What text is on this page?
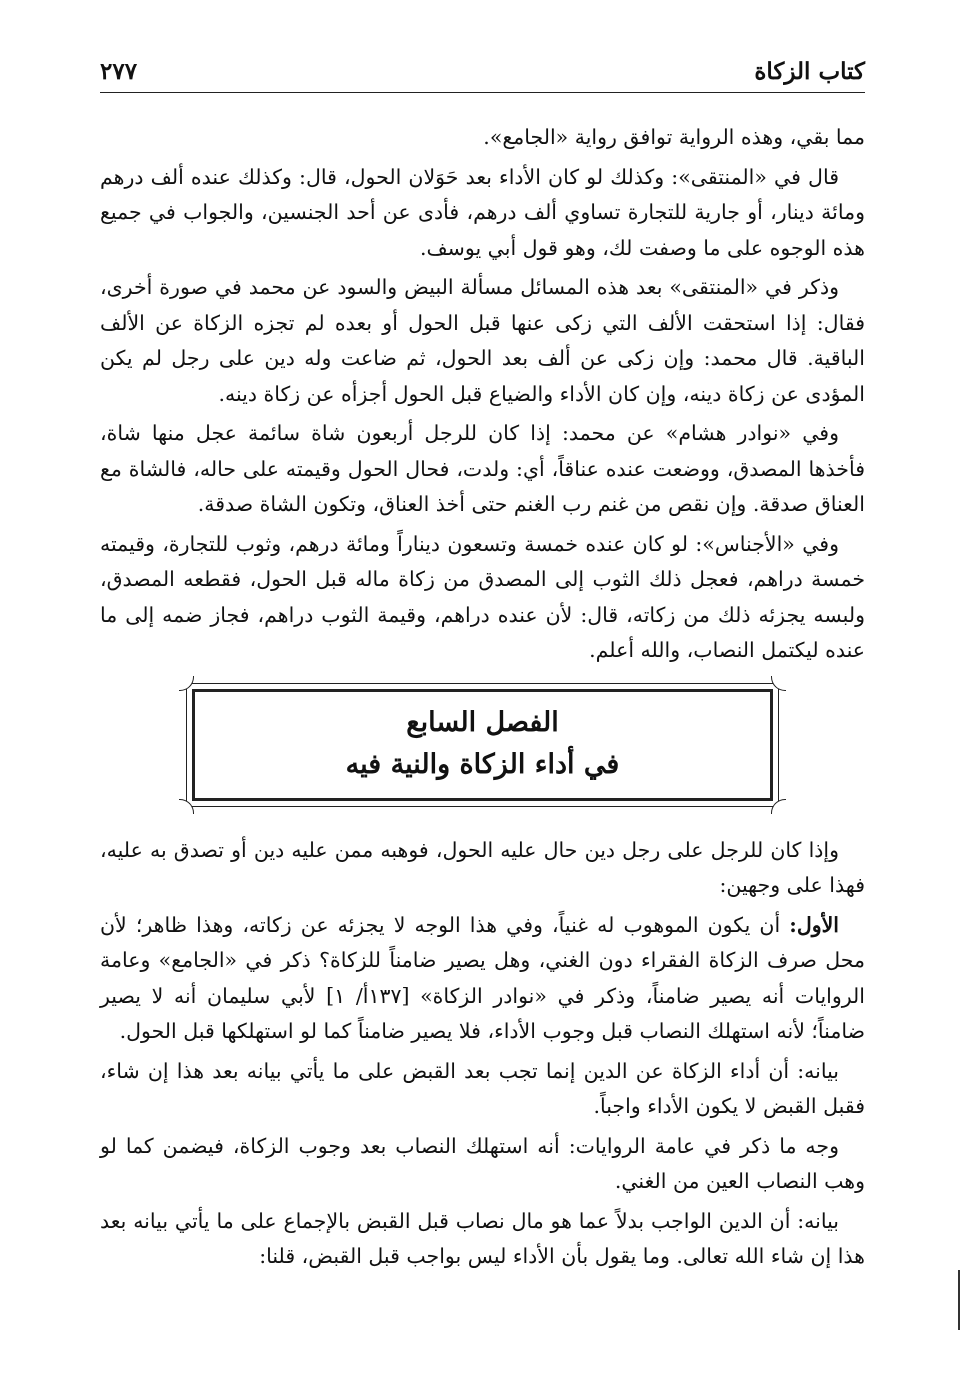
كتاب الزكاة
٢٧٧

مما بقي، وهذه الرواية توافق رواية «الجامع».

قال في «المنتقى»: وكذلك لو كان الأداء بعد حَوَلان الحول، قال: وكذلك عنده ألف درهم ومائة دينار، أو جارية للتجارة تساوي ألف درهم، فأدى عن أحد الجنسين، والجواب في جميع هذه الوجوه على ما وصفت لك، وهو قول أبي يوسف.

وذكر في «المنتقى» بعد هذه المسائل مسألة البيض والسود عن محمد في صورة أخرى، فقال: إذا استحقت الألف التي زكى عنها قبل الحول أو بعده لم تجزه الزكاة عن الألف الباقية. قال محمد: وإن زكى عن ألف بعد الحول، ثم ضاعت وله دين على رجل لم يكن المؤدى عن زكاة دينه، وإن كان الأداء والضياع قبل الحول أجزأه عن زكاة دينه.

وفي «نوادر هشام» عن محمد: إذا كان للرجل أربعون شاة سائمة عجل منها شاة، فأخذها المصدق، ووضعت عنده عناقاً، أي: ولدت، فحال الحول وقيمته على حاله، فالشاة مع العناق صدقة. وإن نقص من غنم رب الغنم حتى أخذ العناق، وتكون الشاة صدقة.

وفي «الأجناس»: لو كان عنده خمسة وتسعون ديناراً ومائة درهم، وثوب للتجارة، وقيمته خمسة دراهم، فعجل ذلك الثوب إلى المصدق من زكاة ماله قبل الحول، فقطعه المصدق، ولبسه يجزئه ذلك من زكاته، قال: لأن عنده دراهم، وقيمة الثوب دراهم، فجاز ضمه إلى ما عنده ليكتمل النصاب، والله أعلم.

الفصل السابع
في أداء الزكاة والنية فيه

وإذا كان للرجل على رجل دين حال عليه الحول، فوهبه ممن عليه دين أو تصدق به عليه، فهذا على وجهين:

الأول: أن يكون الموهوب له غنياً، وفي هذا الوجه لا يجزئه عن زكاته، وهذا ظاهر؛ لأن محل صرف الزكاة الفقراء دون الغني، وهل يصير ضامناً للزكاة؟ ذكر في «الجامع» وعامة الروايات أنه يصير ضامناً، وذكر في «نوادر الزكاة» [١٣٧أ/ ١] لأبي سليمان أنه لا يصير ضامناً؛ لأنه استهلك النصاب قبل وجوب الأداء، فلا يصير ضامناً كما لو استهلكها قبل الحول.

بيانه: أن أداء الزكاة عن الدين إنما تجب بعد القبض على ما يأتي بيانه بعد هذا إن شاء، فقبل القبض لا يكون الأداء واجباً.

وجه ما ذكر في عامة الروايات: أنه استهلك النصاب بعد وجوب الزكاة، فيضمن كما لو وهب النصاب العين من الغني.

بيانه: أن الدين الواجب بدلاً عما هو مال نصاب قبل القبض بالإجماع على ما يأتي بيانه بعد هذا إن شاء الله تعالى. وما يقول بأن الأداء ليس بواجب قبل القبض، قلنا:
